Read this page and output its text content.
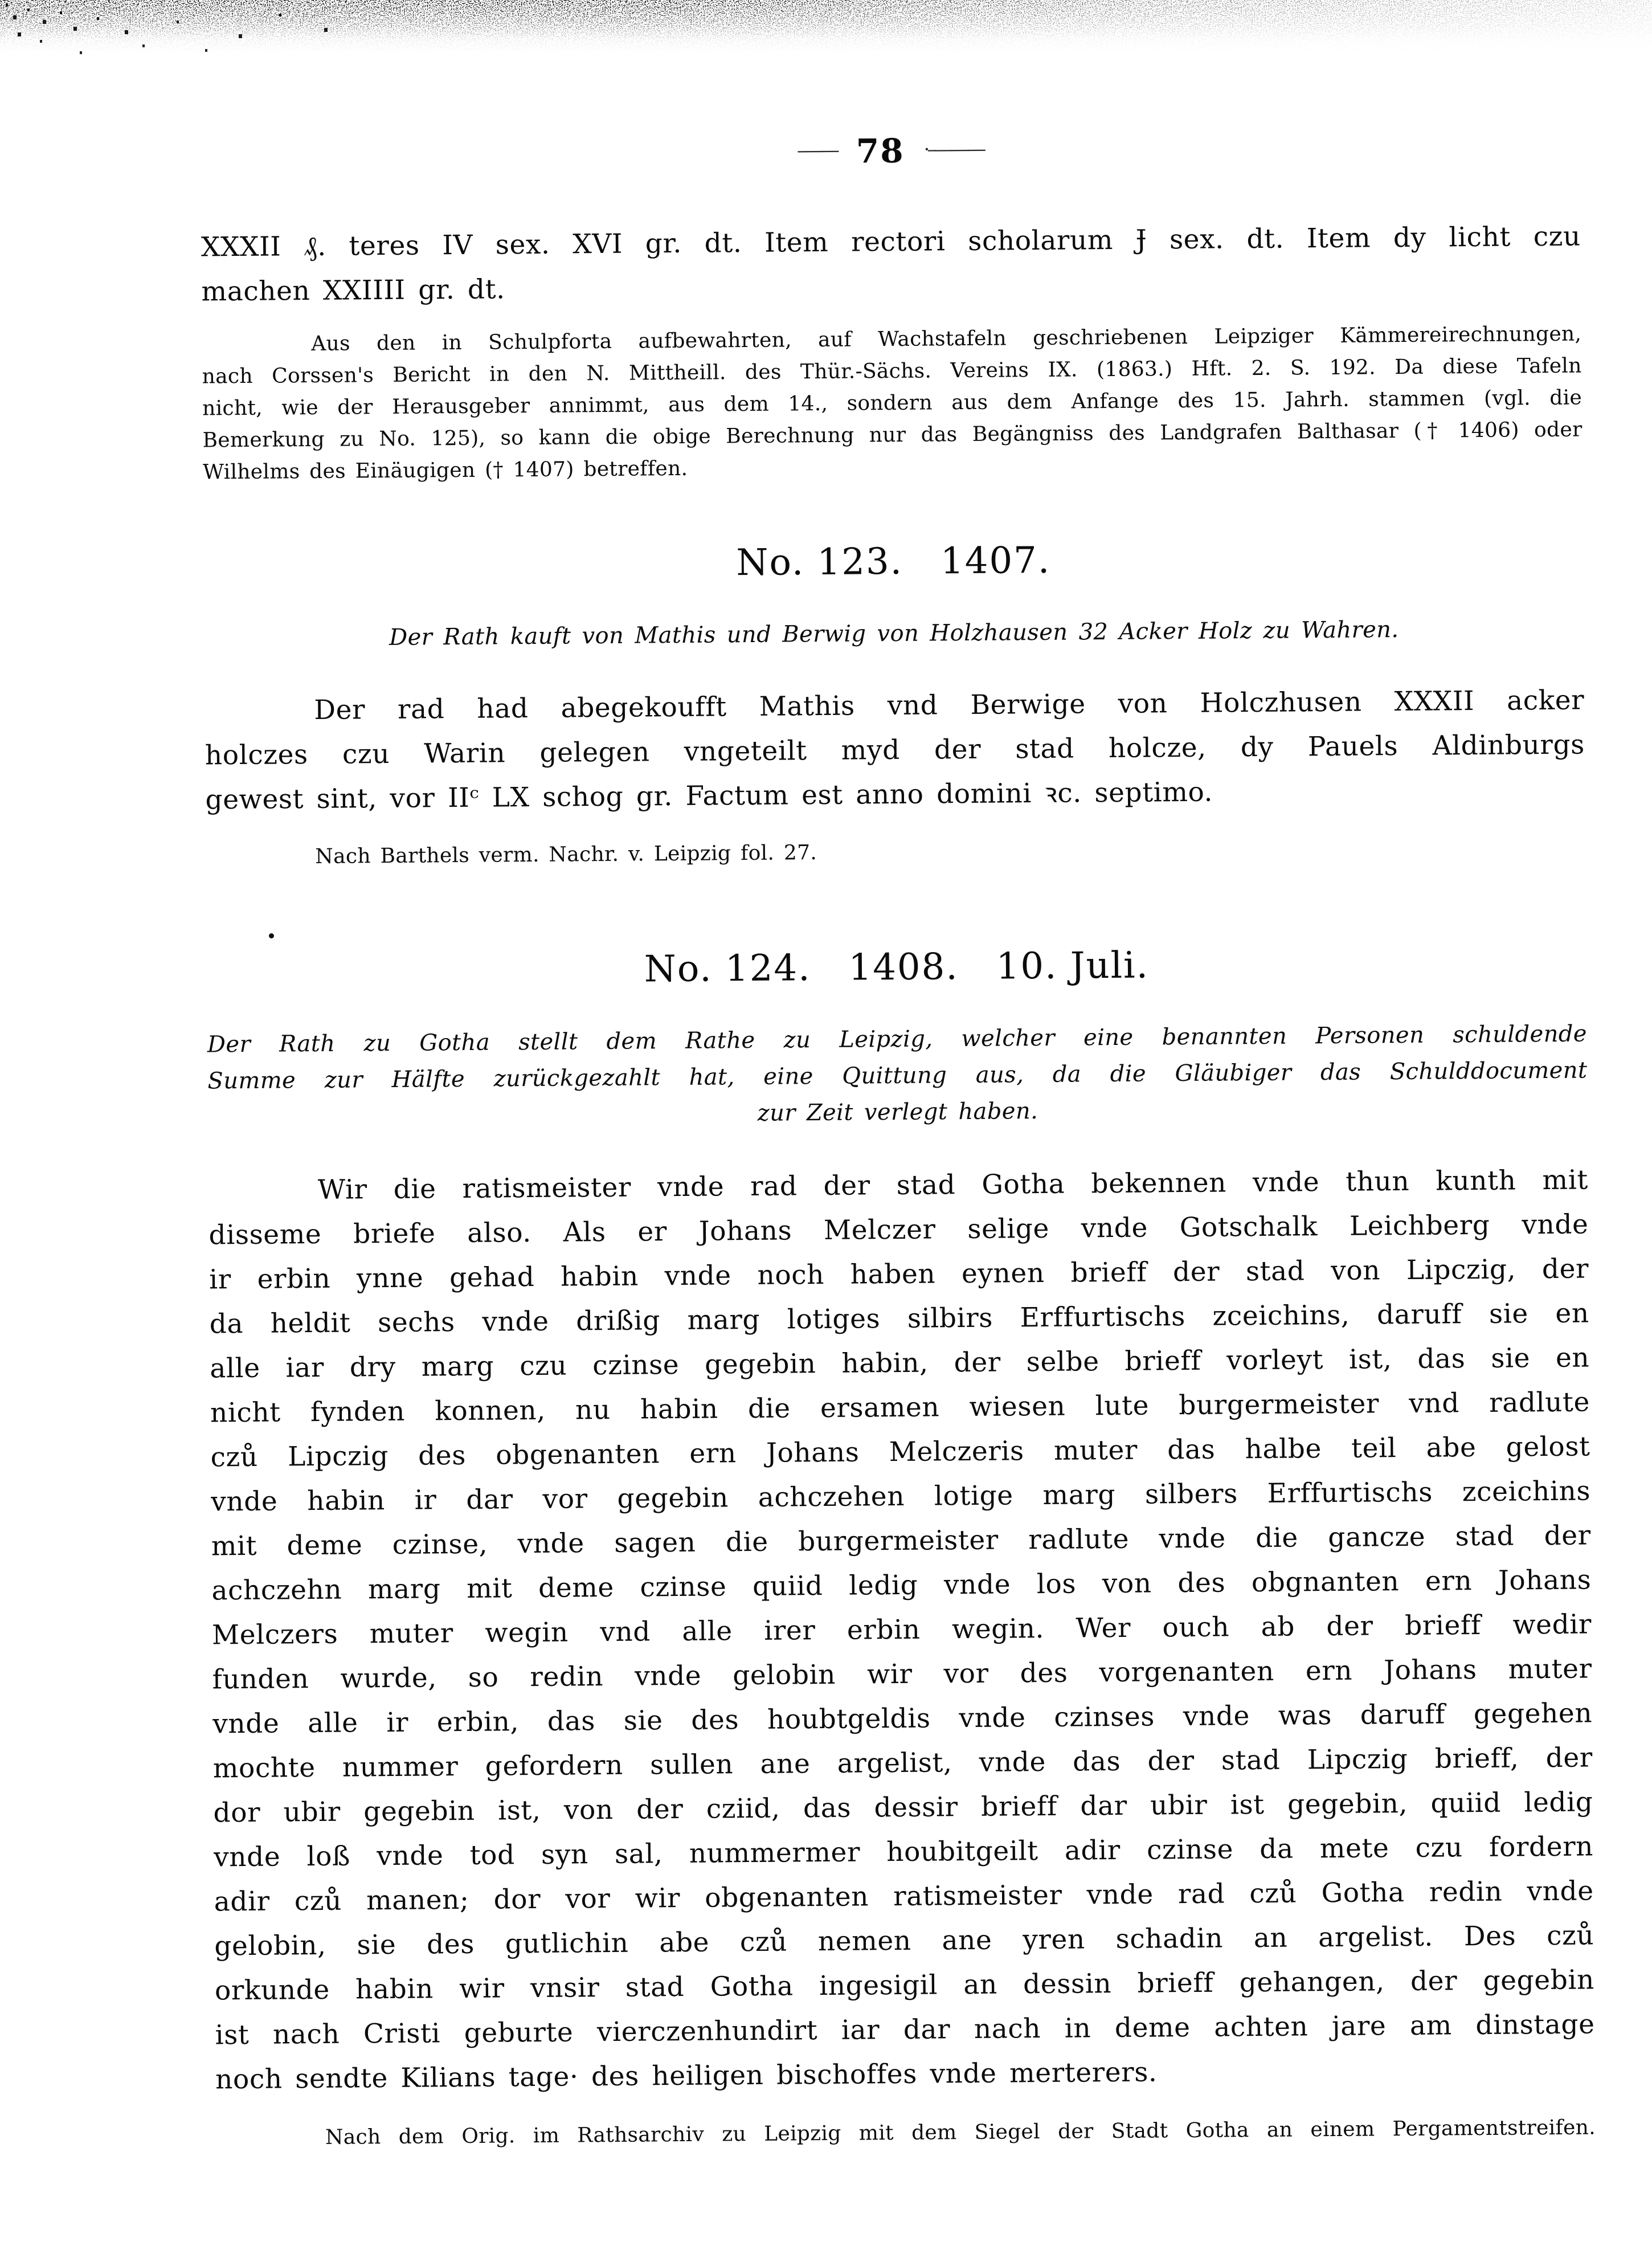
–—— 78 ·–———
XXXII ₰. teres IV sex. XVI gr. dt. Item rectori scholarum Ɉ sex. dt. Item dy licht czu
machen XXIIII gr. dt.
Aus den in Schulpforta aufbewahrten, auf Wachstafeln geschriebenen Leipziger Kämmereirechnungen,
nach Corssen's Bericht in den N. Mittheill. des Thür.-Sächs. Vereins IX. (1863.) Hft. 2. S. 192. Da diese Tafeln
nicht, wie der Herausgeber annimmt, aus dem 14., sondern aus dem Anfange des 15. Jahrh. stammen (vgl. die
Bemerkung zu No. 125), so kann die obige Berechnung nur das Begängniss des Landgrafen Balthasar († 1406) oder
Wilhelms des Einäugigen († 1407) betreffen.
No. 123. 1407.
Der Rath kauft von Mathis und Berwig von Holzhausen 32 Acker Holz zu Wahren.
Der rad had abegekoufft Mathis vnd Berwige von Holczhusen XXXII acker
holczes czu Warin gelegen vngeteilt myd der stad holcze, dy Pauels Aldinburgs
gewest sint, vor IIᶜ LX schog gr. Factum est anno domini ꝛc. septimo.
Nach Barthels verm. Nachr. v. Leipzig fol. 27.
No. 124. 1408. 10. Juli.
Der Rath zu Gotha stellt dem Rathe zu Leipzig, welcher eine benannten Personen schuldende
Summe zur Hälfte zurückgezahlt hat, eine Quittung aus, da die Gläubiger das Schulddocument
zur Zeit verlegt haben.
Wir die ratismeister vnde rad der stad Gotha bekennen vnde thun kunth mit
disseme briefe also. Als er Johans Melczer selige vnde Gotschalk Leichberg vnde
ir erbin ynne gehad habin vnde noch haben eynen brieff der stad von Lipczig, der
da heldit sechs vnde drißig marg lotiges silbirs Erffurtischs zceichins, daruff sie en
alle iar dry marg czu czinse gegebin habin, der selbe brieff vorleyt ist, das sie en
nicht fynden konnen, nu habin die ersamen wiesen lute burgermeister vnd radlute
czů Lipczig des obgenanten ern Johans Melczeris muter das halbe teil abe gelost
vnde habin ir dar vor gegebin achczehen lotige marg silbers Erffurtischs zceichins
mit deme czinse, vnde sagen die burgermeister radlute vnde die gancze stad der
achczehn marg mit deme czinse quiid ledig vnde los von des obgnanten ern Johans
Melczers muter wegin vnd alle irer erbin wegin. Wer ouch ab der brieff wedir
funden wurde, so redin vnde gelobin wir vor des vorgenanten ern Johans muter
vnde alle ir erbin, das sie des houbtgeldis vnde czinses vnde was daruff gegehen
mochte nummer gefordern sullen ane argelist, vnde das der stad Lipczig brieff, der
dor ubir gegebin ist, von der cziid, das dessir brieff dar ubir ist gegebin, quiid ledig
vnde loß vnde tod syn sal, nummermer houbitgeilt adir czinse da mete czu fordern
adir czů manen; dor vor wir obgenanten ratismeister vnde rad czů Gotha redin vnde
gelobin, sie des gutlichin abe czů nemen ane yren schadin an argelist. Des czů
orkunde habin wir vnsir stad Gotha ingesigil an dessin brieff gehangen, der gegebin
ist nach Cristi geburte vierczenhundirt iar dar nach in deme achten jare am dinstage
noch sendte Kilians tage· des heiligen bischoffes vnde merterers.
Nach dem Orig. im Rathsarchiv zu Leipzig mit dem Siegel der Stadt Gotha an einem Pergamentstreifen.
